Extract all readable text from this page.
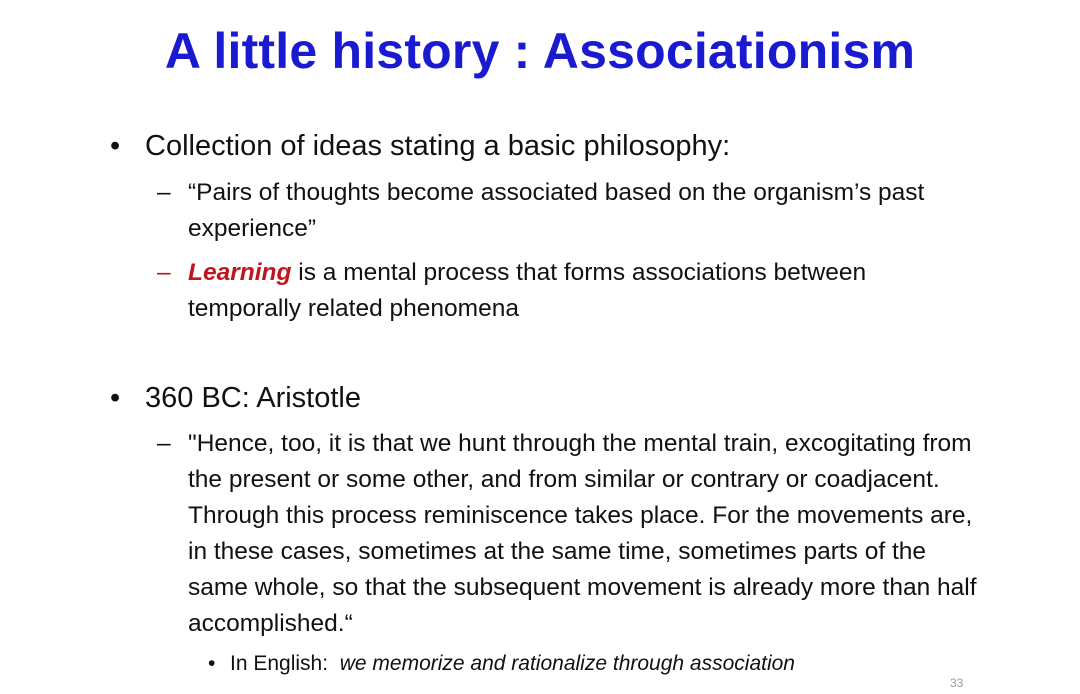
A little history : Associationism
• Collection of ideas stating a basic philosophy:
– “Pairs of thoughts become associated based on the organism’s past experience”
– Learning is a mental process that forms associations between temporally related phenomena
• 360 BC: Aristotle
– "Hence, too, it is that we hunt through the mental train, excogitating from the present or some other, and from similar or contrary or coadjacent. Through this process reminiscence takes place. For the movements are, in these cases, sometimes at the same time, sometimes parts of the same whole, so that the subsequent movement is already more than half accomplished.“
• In English: we memorize and rationalize through association
33
